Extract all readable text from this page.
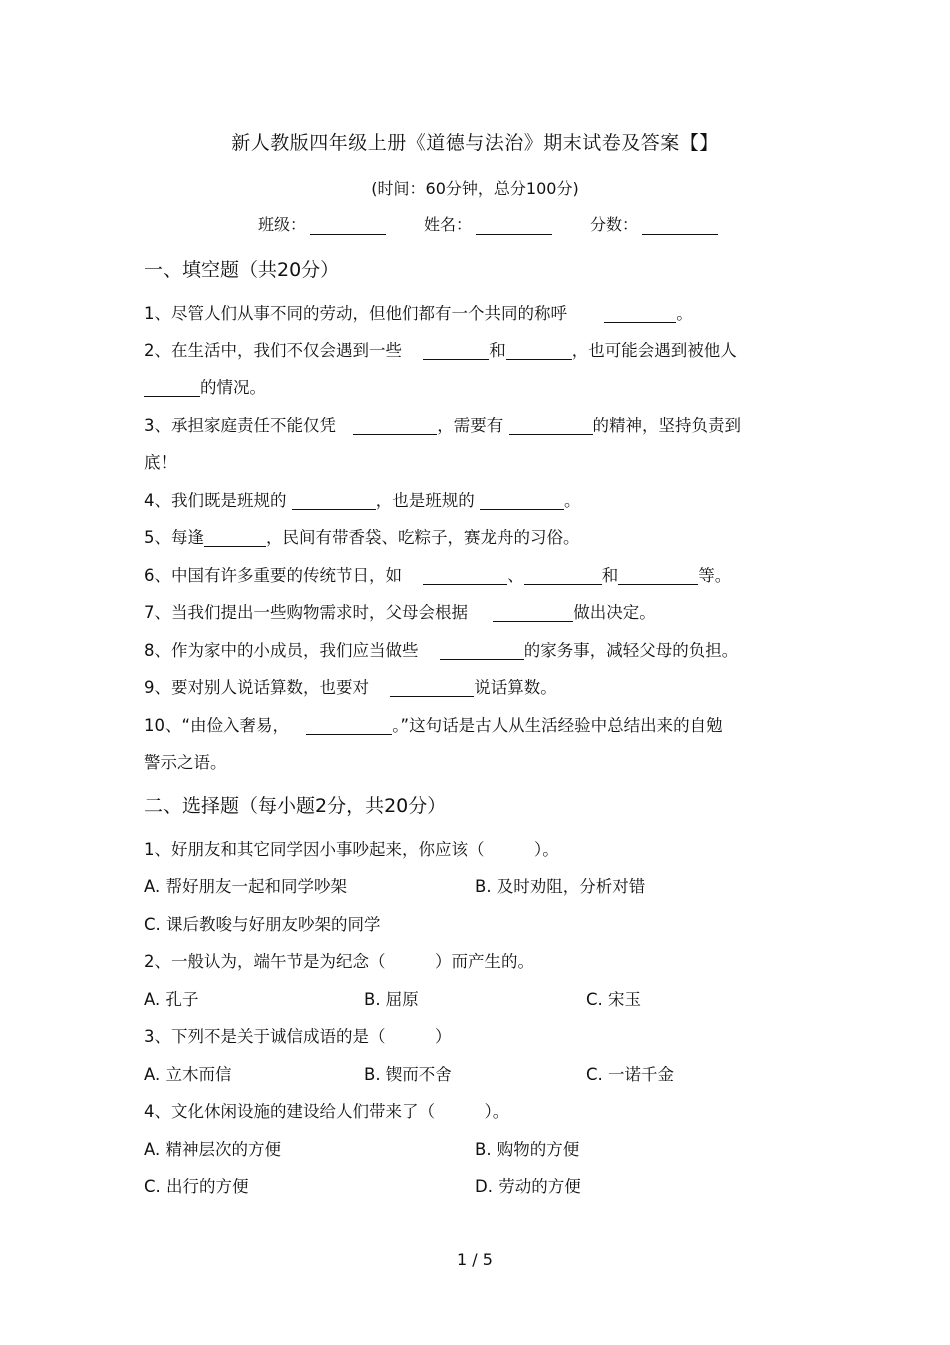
新人教版四年级上册《道德与法治》期末试卷及答案【】
(时间：60分钟，总分100分)
班级：	姓名：	分数：
一、填空题（共20分）
1、尽管人们从事不同的劳动，但他们都有一个共同的称呼	。
2、在生活中，我们不仅会遇到一些	和	，也可能会遇到被他人
的情况。
3、承担家庭责任不能仅凭	，需要有	的精神，坚持负责到
底！
4、我们既是班规的	，也是班规的	。
5、每逢	，民间有带香袋、吃粽子，赛龙舟的习俗。
6、中国有许多重要的传统节日，如	、	和	等。
7、当我们提出一些购物需求时，父母会根据	做出决定。
8、作为家中的小成员，我们应当做些	的家务事，减轻父母的负担。
9、要对别人说话算数，也要对	说话算数。
10、“由俭入奢易，	。”这句话是古人从生活经验中总结出来的自勉
警示之语。
二、选择题（每小题2分，共20分）
1、好朋友和其它同学因小事吵起来，你应该（　　　）。
A. 帮好朋友一起和同学吵架	B. 及时劝阻，分析对错
C. 课后教唆与好朋友吵架的同学
2、一般认为，端午节是为纪念（　　　）而产生的。
A. 孔子	B. 屈原	C. 宋玉
3、下列不是关于诚信成语的是（　　　）
A. 立木而信	B. 锲而不舍	C. 一诺千金
4、文化休闲设施的建设给人们带来了（　　　）。
A. 精神层次的方便	B. 购物的方便
C. 出行的方便	D. 劳动的方便
1 / 5
